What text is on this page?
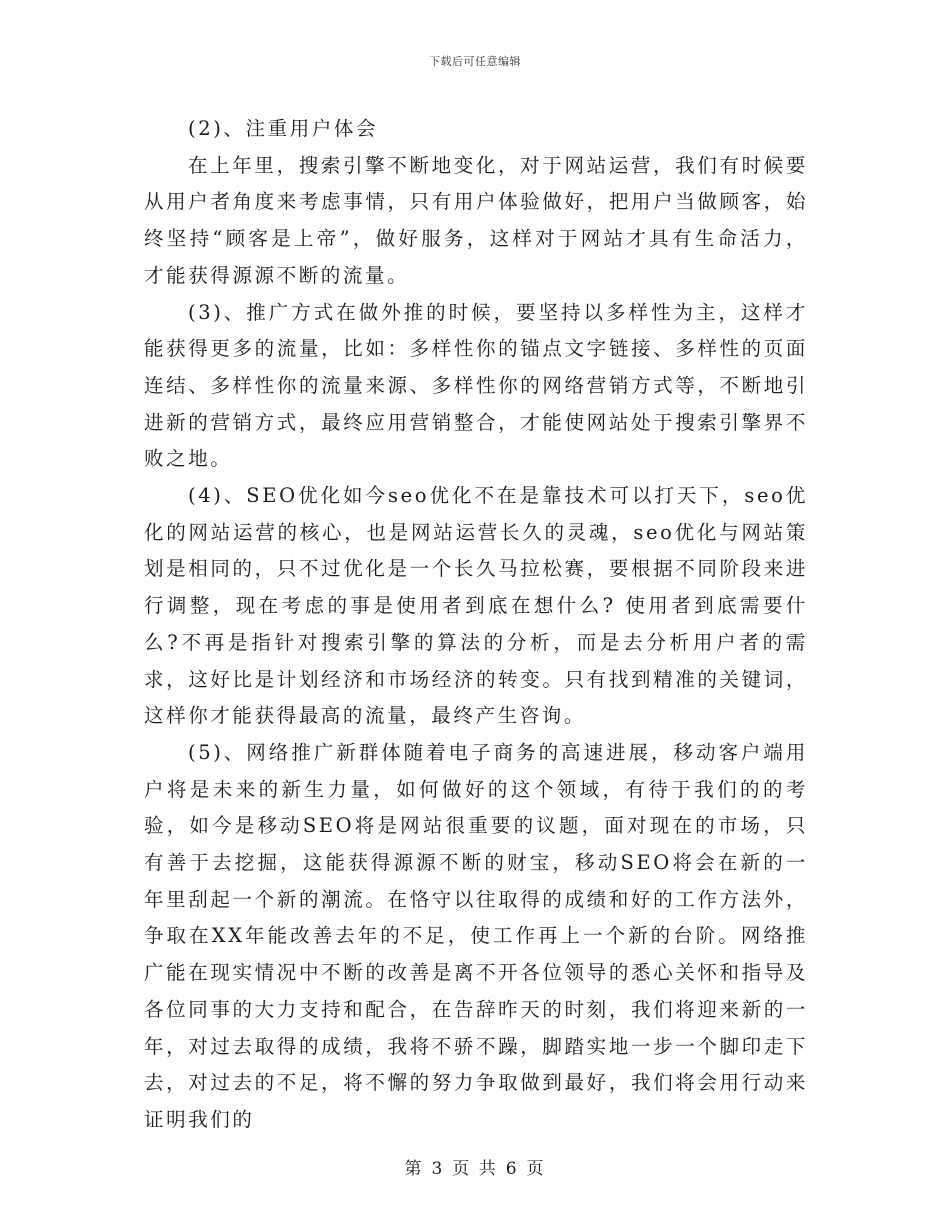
下载后可任意编辑

(2)、注重用户体会

在上年里，搜索引擎不断地变化，对于网站运营，我们有时候要从用户者角度来考虑事情，只有用户体验做好，把用户当做顾客，始终坚持“顾客是上帝”，做好服务，这样对于网站才具有生命活力，才能获得源源不断的流量。

(3)、推广方式在做外推的时候，要坚持以多样性为主，这样才能获得更多的流量，比如：多样性你的锚点文字链接、多样性的页面连结、多样性你的流量来源、多样性你的网络营销方式等，不断地引进新的营销方式，最终应用营销整合，才能使网站处于搜索引擎界不败之地。

(4)、SEO优化如今seo优化不在是靠技术可以打天下，seo优化的网站运营的核心，也是网站运营长久的灵魂，seo优化与网站策划是相同的，只不过优化是一个长久马拉松赛，要根据不同阶段来进行调整，现在考虑的事是使用者到底在想什么? 使用者到底需要什么?不再是指针对搜索引擎的算法的分析，而是去分析用户者的需求，这好比是计划经济和市场经济的转变。只有找到精准的关键词，这样你才能获得最高的流量，最终产生咨询。

(5)、网络推广新群体随着电子商务的高速进展，移动客户端用户将是未来的新生力量，如何做好的这个领域，有待于我们的的考验，如今是移动SEO将是网站很重要的议题，面对现在的市场，只有善于去挖掘，这能获得源源不断的财宝，移动SEO将会在新的一年里刮起一个新的潮流。在恪守以往取得的成绩和好的工作方法外，争取在XX年能改善去年的不足，使工作再上一个新的台阶。网络推广能在现实情况中不断的改善是离不开各位领导的悉心关怀和指导及各位同事的大力支持和配合，在告辞昨天的时刻，我们将迎来新的一年，对过去取得的成绩，我将不骄不躁，脚踏实地一步一个脚印走下去，对过去的不足，将不懈的努力争取做到最好，我们将会用行动来证明我们的

第 3 页 共 6 页
